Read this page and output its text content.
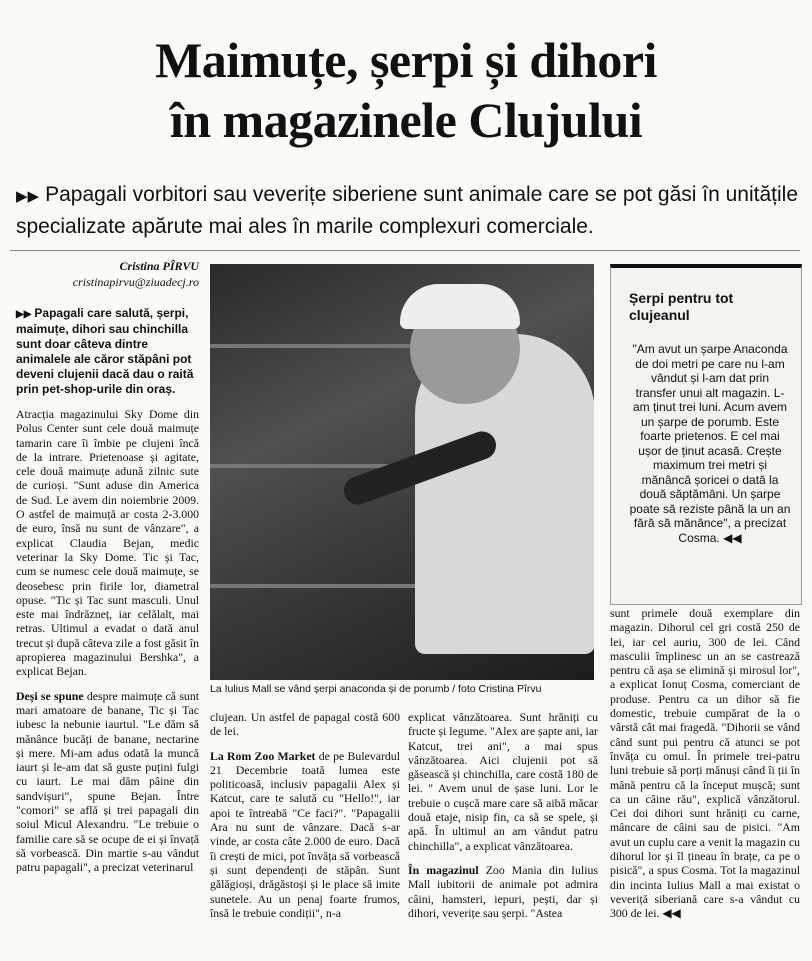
Maimuțe, șerpi și dihori
în magazinele Clujului
▶▶ Papagali vorbitori sau veverițe siberiene sunt animale care se pot găsi în unitățile specializate apărute mai ales în marile complexuri comerciale.
Cristina PÎRVU
cristinapirvu@ziuadecj.ro

▶▶ Papagali care salută, șerpi, maimuțe, dihori sau chinchilla sunt doar câteva dintre animalele ale căror stăpâni pot deveni clujenii dacă dau o raită prin pet-shop-urile din oraș.

Atracția magazinului Sky Dome din Polus Center sunt cele două maimuțe tamarin care îi îmbie pe clujeni încă de la intrare. Prietenoase și agitate, cele două maimuțe adună zilnic sute de curioși. "Sunt aduse din America de Sud. Le avem din noiembrie 2009. O astfel de maimuță ar costa 2-3.000 de euro, însă nu sunt de vânzare", a explicat Claudia Bejan, medic veterinar la Sky Dome. Tic și Tac, cum se numesc cele două maimuțe, se deosebesc prin firile lor, diametral opuse. "Tic și Tac sunt masculi. Unul este mai îndrăzneț, iar celălalt, mai retras. Ultimul a evadat o dată anul trecut și după câteva zile a fost găsit în apropierea magazinului Bershka", a explicat Bejan.

Deși se spune despre maimuțe că sunt mari amatoare de banane, Tic și Tac iubesc la nebunie iaurtul. "Le dăm să mănânce bucăți de banane, nectarine și mere. Mi-am adus odată la muncă iaurt și le-am dat să guste puțini fulgi cu iaurt. Le mai dăm pâine din sandvișuri", spune Bejan. Între "comori" se află și trei papagali din soiul Micul Alexandru. "Le trebuie o familie care să se ocupe de ei și învață să vorbească. Din martie s-au vândut patru papagali", a precizat veterinarul

La Iulius Mall se vând șerpi anaconda și de porumb / foto Cristina Pîrvu
Șerpi pentru tot clujeanul
"Am avut un șarpe Anaconda de doi metri pe care nu l-am vândut și l-am dat prin transfer unui alt magazin. L-am ținut trei luni. Acum avem un șarpe de porumb. Este foarte prietenos. E cel mai ușor de ținut acasă. Crește maximum trei metri și mănâncă șoricei o dată la două săptămâni. Un șarpe poate să reziste până la un an fără să mănânce", a precizat Cosma. ◀◀

clujean. Un astfel de papagal costă 600 de lei.

La Rom Zoo Market de pe Bulevardul 21 Decembrie toată lumea este politicoasă, inclusiv papagalii Alex și Katcut, care te salută cu "Hello!", iar apoi te întreabă "Ce faci?". "Papagalii Ara nu sunt de vânzare. Dacă s-ar vinde, ar costa câte 2.000 de euro. Dacă îi crești de mici, pot învăța să vorbească și sunt dependenți de stăpân. Sunt gălăgioși, drăgăstoși și le place să imite sunetele. Au un penaj foarte frumos, însă le trebuie condiții", n-a

explicat vânzătoarea. Sunt hrăniți cu fructe și legume. "Alex are șapte ani, iar Katcut, trei ani", a mai spus vânzătoarea. Aici clujenii pot să găsească și chinchilla, care costă 180 de lei. " Avem unul de șase luni. Lor le trebuie o cușcă mare care să aibă măcar două etaje, nisip fin, ca să se spele, și apă. În ultimul an am vândut patru chinchilla", a explicat vânzătoarea.

În magazinul Zoo Mania din Iulius Mall iubitorii de animale pot admira câini, hamsteri, iepuri, pești, dar și dihori, veverițe sau șerpi. "Astea

sunt primele două exemplare din magazin. Dihorul cel gri costă 250 de lei, iar cel auriu, 300 de lei. Când masculii împlinesc un an se castrează pentru că așa se elimină și mirosul lor", a explicat Ionuț Cosma, comerciant de produse. Pentru ca un dihor să fie domestic, trebuie cumpărat de la o vârstă cât mai fragedă. "Dihorii se vând când sunt pui pentru că atunci se pot învăța cu omul. În primele trei-patru luni trebuie să porți mănuși când îi ții în mână pentru că la început mușcă; sunt ca un câine rău", explică vânzătorul. Cei doi dihori sunt hrăniți cu carne, mâncare de câini sau de pisici. "Am avut un cuplu care a venit la magazin cu dihorul lor și îl țineau în brațe, ca pe o pisică", a spus Cosma. Tot la magazinul din incinta Iulius Mall a mai existat o veveriță siberiană care s-a vândut cu 300 de lei. ◀◀
